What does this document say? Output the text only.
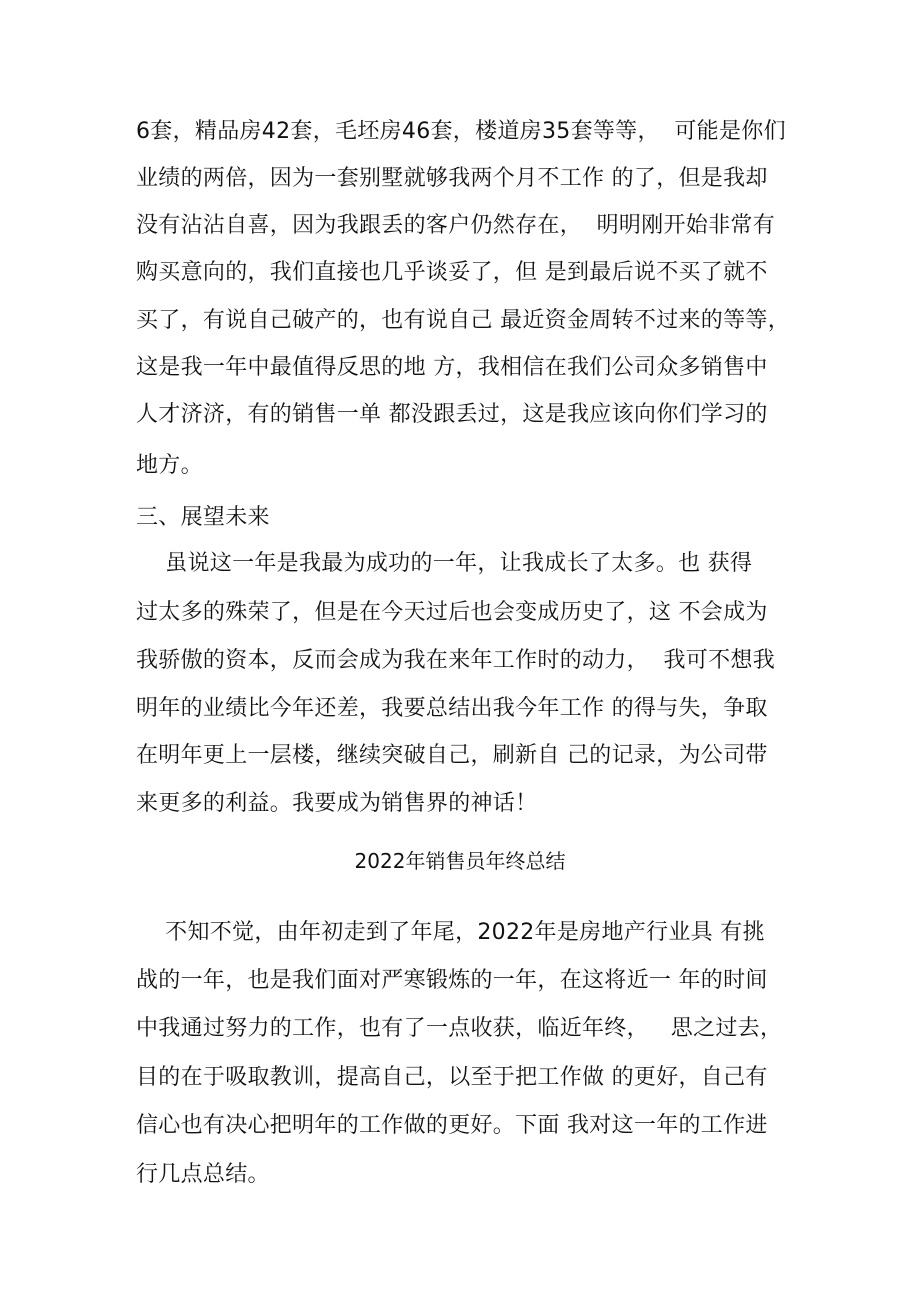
6套，精品房42套，毛坯房46套，楼道房35套等等，  可能是你们
业绩的两倍，因为一套别墅就够我两个月不工作 的了，但是我却
没有沾沾自喜，因为我跟丢的客户仍然存在，  明明刚开始非常有
购买意向的，我们直接也几乎谈妥了，但 是到最后说不买了就不
买了，有说自己破产的，也有说自己 最近资金周转不过来的等等，
这是我一年中最值得反思的地 方，我相信在我们公司众多销售中
人才济济，有的销售一单 都没跟丢过，这是我应该向你们学习的
地方。
三、展望未来
虽说这一年是我最为成功的一年，让我成长了太多。也 获得
过太多的殊荣了，但是在今天过后也会变成历史了，这 不会成为
我骄傲的资本，反而会成为我在来年工作时的动力，  我可不想我
明年的业绩比今年还差，我要总结出我今年工作 的得与失，争取
在明年更上一层楼，继续突破自己，刷新自 己的记录，为公司带
来更多的利益。我要成为销售界的神话！
2022年销售员年终总结
不知不觉，由年初走到了年尾，2022年是房地产行业具 有挑
战的一年，也是我们面对严寒锻炼的一年，在这将近一 年的时间
中我通过努力的工作，也有了一点收获，临近年终，   思之过去，
目的在于吸取教训，提高自己，以至于把工作做 的更好，自己有
信心也有决心把明年的工作做的更好。下面 我对这一年的工作进
行几点总结。
